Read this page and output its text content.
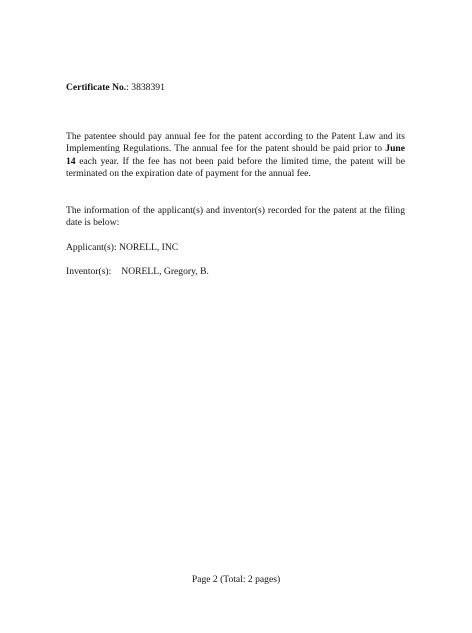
Certificate No.: 3838391

The patentee should pay annual fee for the patent according to the Patent Law and its Implementing Regulations. The annual fee for the patent should be paid prior to June 14 each year. If the fee has not been paid before the limited time, the patent will be terminated on the expiration date of payment for the annual fee.

The information of the applicant(s) and inventor(s) recorded for the patent at the filing date is below:

Applicant(s): NORELL, INC
Inventor(s): NORELL, Gregory, B.
Page 2 (Total: 2 pages)
